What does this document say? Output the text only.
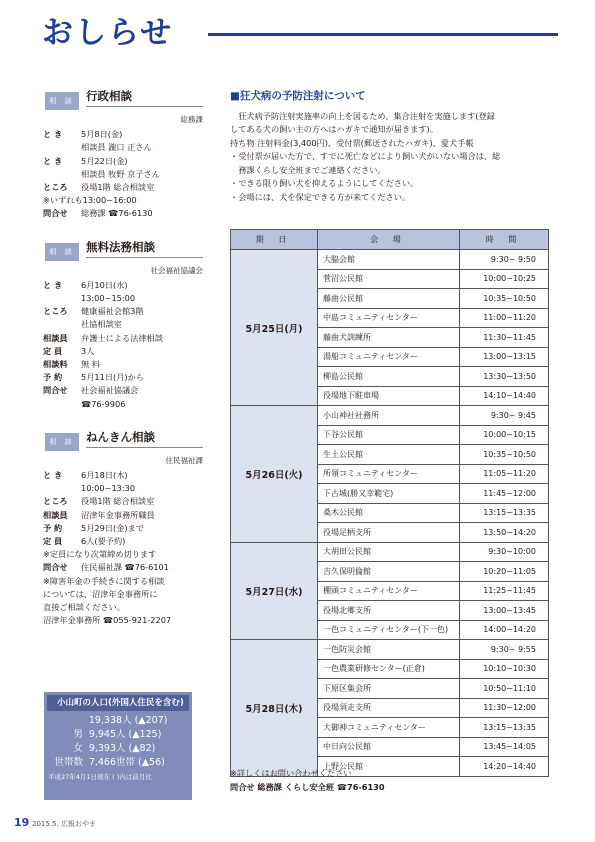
おしらせ
相 談 行政相談
総務課
と き	5月8日(金)
相談員 瀧口 正さん
と き	5月22日(金)
相談員 牧野 京子さん
ところ	役場1階 総合相談室
※いずれも13:00~16:00
問合せ	総務課 ☎76-6130
相 談 無料法務相談
社会福祉協議会
と き	6月10日(水)
13:00~15:00
ところ	健康福祉会館3階
社協相談室
相談員	弁護士による法律相談
定 員	3人
相談料	無 料
予 約	5月11日(月)から
問合せ	社会福祉協議会
☎76-9906
相 談 ねんきん相談
住民福祉課
と き	6月18日(木)
10:00~13:30
ところ	役場1階 総合相談室
相談員	沼津年金事務所職員
予 約	5月29日(金)まで
定 員	6人(要予約)
※定員になり次第締め切ります
問合せ	住民福祉課 ☎76-6101
※障害年金の手続きに関する相談
については、沼津年金事務所に
直接ご相談ください。
沼津年金事務所 ☎055-921-2207
小山町の人口(外国人住民を含む)
19,338人 (▲207)
男 9,945人 (▲125)
女 9,393人 (▲82)
世帯数 7,466世帯 (▲56)
平成27年4月1日現在 ( )内は前月比
■狂犬病の予防注射について
　狂犬病予防注射実施率の向上を図るため、集合注射を実施します(登録
してある犬の飼い主の方へはハガキで通知が届きます)。
持ち物 注射料金(3,400円)、受付票(郵送されたハガキ)、愛犬手帳
・受付票が届いた方で、すでに死亡などにより飼い犬がいない場合は、総
　務課くらし安全班までご連絡ください。
・できる限り飼い犬を抑えるようにしてください。
・会場には、犬を保定できる方が来てください。
期 日	会 場	時 間
5月25日(月)	大脇会館	9:30~ 9:50
	菅沼公民館	10:00~10:25
	藤曲公民館	10:35~10:50
	中島コミュニティセンター	11:00~11:20
	藤曲犬訓練所	11:30~11:45
	湯船コミュニティセンター	13:00~13:15
	柳島公民館	13:30~13:50
	役場地下駐車場	14:10~14:40
5月26日(火)	小山神社社務所	9:30~ 9:45
	下谷公民館	10:00~10:15
	生土公民館	10:35~10:50
	所領コミュニティセンター	11:05~11:20
	下古城(勝又幸範宅)	11:45~12:00
	桑木公民館	13:15~13:35
	役場足柄支所	13:50~14:20
5月27日(水)	大胡田公民館	9:30~10:00
	吉久保明倫館	10:20~11:05
	棚頭コミュニティセンター	11:25~11:45
	役場北郷支所	13:00~13:45
	一色コミュニティセンター(下一色)	14:00~14:20
5月28日(木)	一色防災会館	9:30~ 9:55
	一色農業研修センター(正倉)	10:10~10:30
	下原区集会所	10:50~11:10
	役場須走支所	11:30~12:00
	大御神コミュニティセンター	13:15~13:35
	中日向公民館	13:45~14:05
	上野公民館	14:20~14:40
※詳しくはお問い合わせください
問合せ 総務課 くらし安全班 ☎76-6130
19 2015.5. 広報おやま
